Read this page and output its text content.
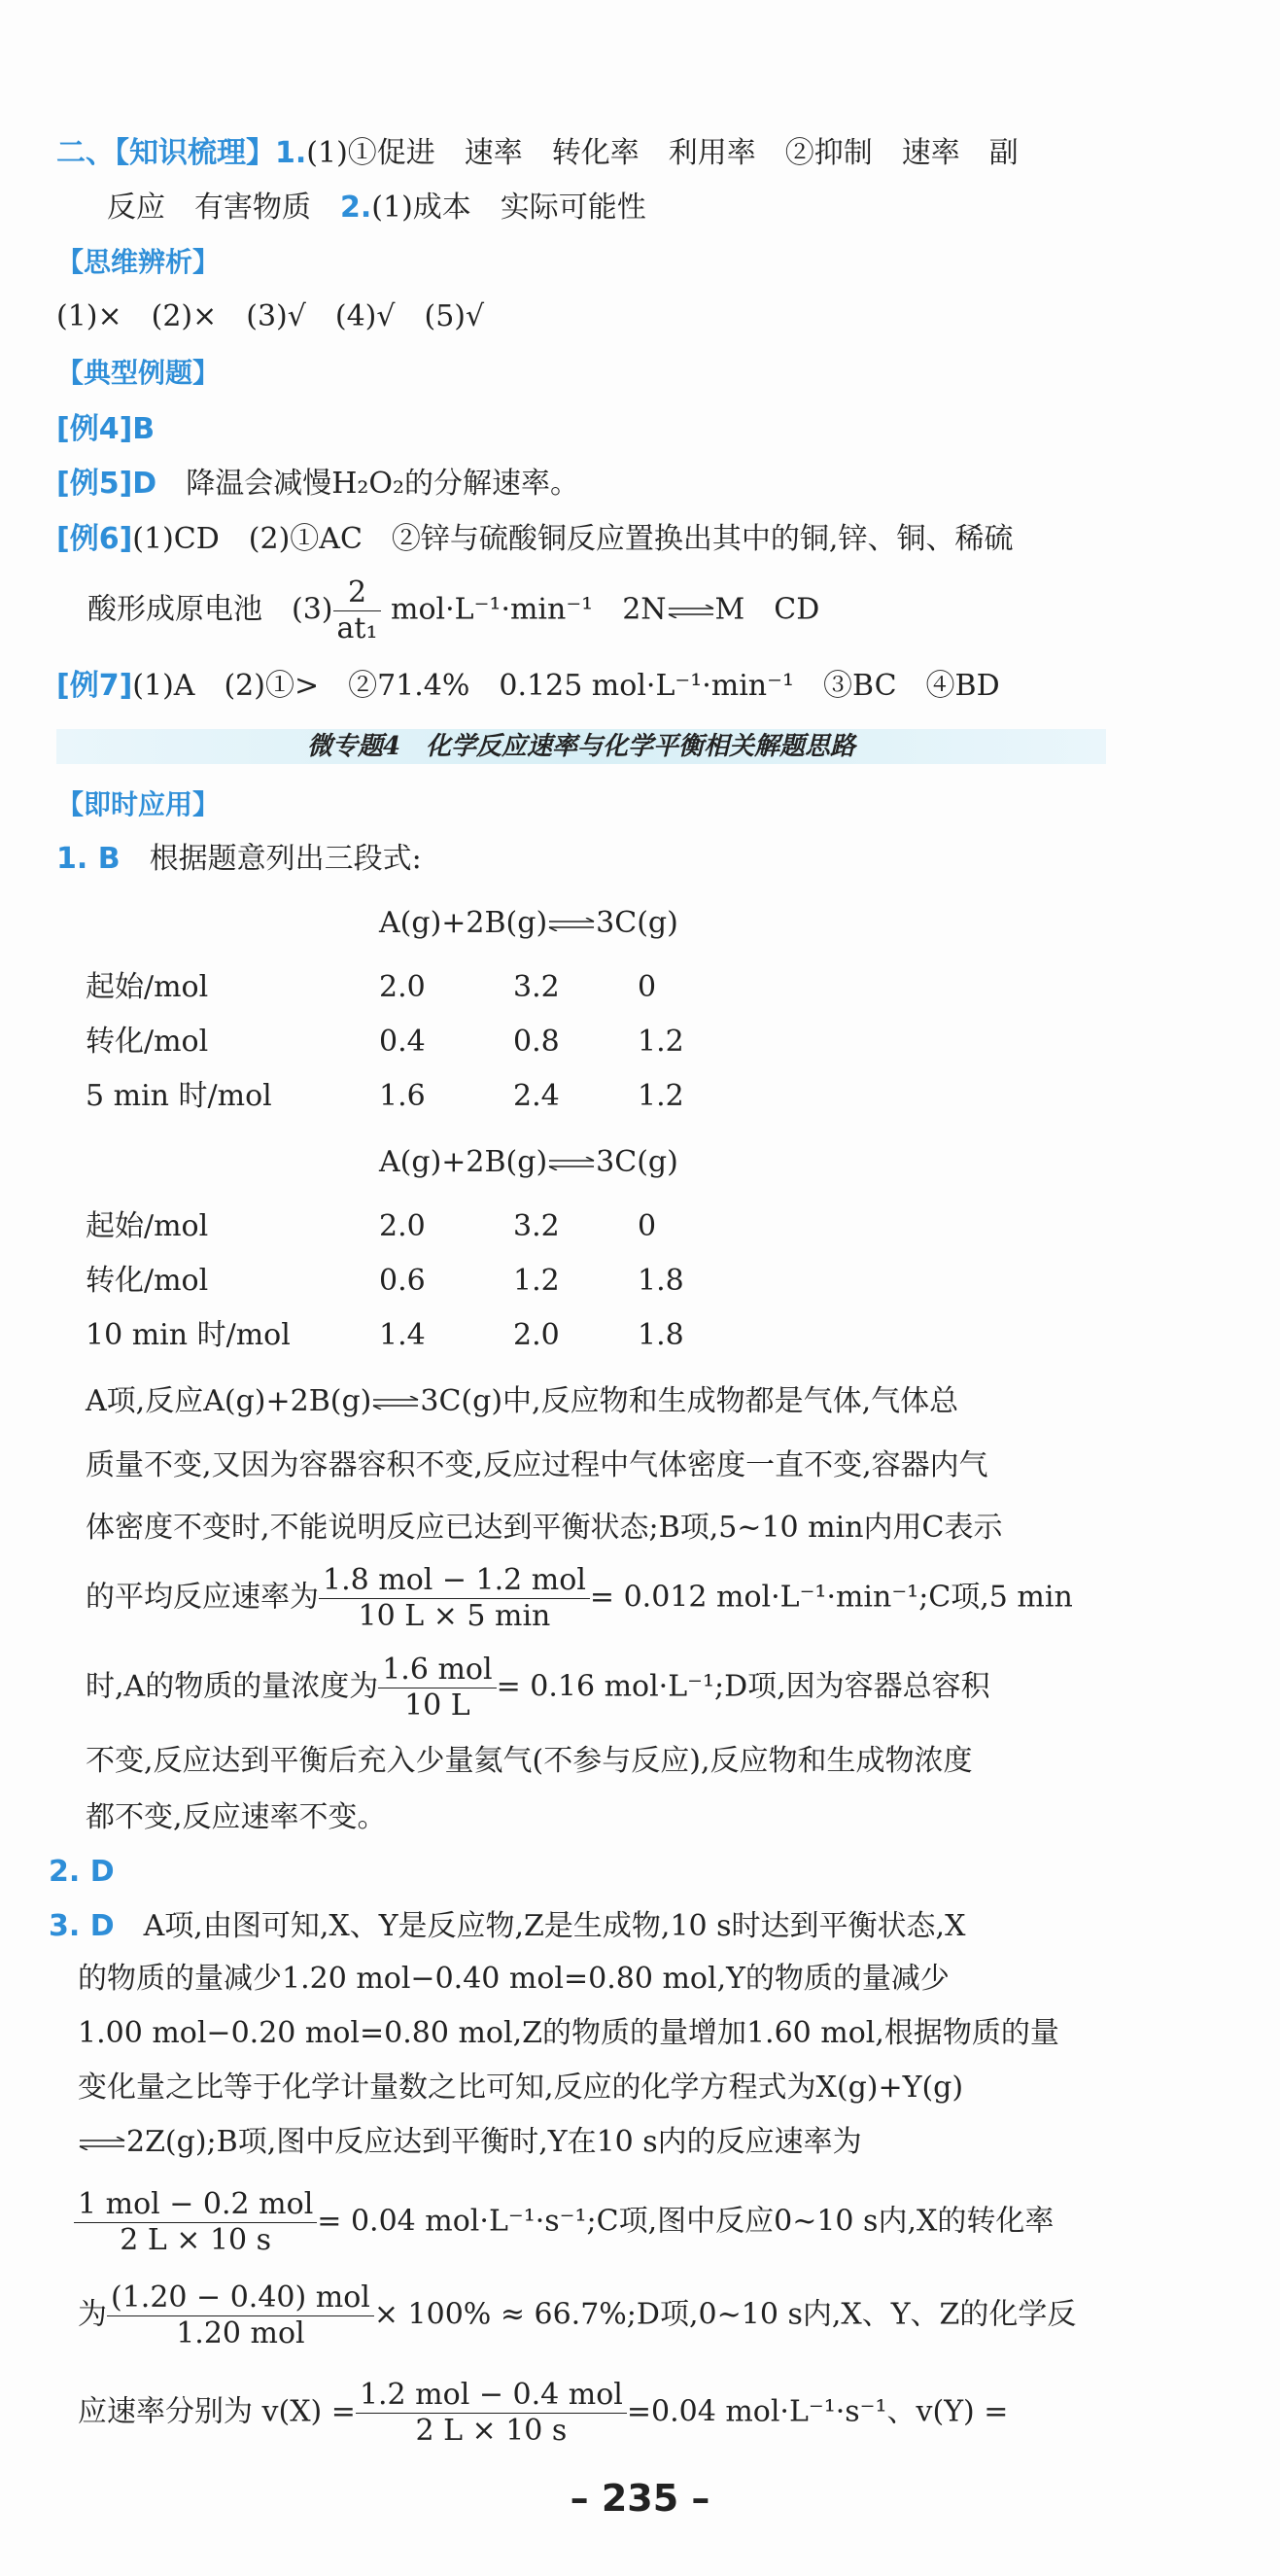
二、【知识梳理】1.(1)①促进　速率　转化率　利用率　②抑制　速率　副
反应　有害物质　 2.(1)成本　实际可能性
【思维辨析】
(1)×　(2)×　(3)√　(4)√　(5)√
【典型例题】
[例4]B
[例5]D　 降温会减慢H₂O₂的分解速率。
[例6](1)CD　(2)①AC　②锌与硫酸铜反应置换出其中的铜,锌、铜、稀硫
酸形成原电池　$(3) \frac{2}{\text{at₁}} mol\cdot L^{-1}\cdot\min^{-1}$　 2N⇌M　 CD
[例7](1)A　(2)①>　②71.4%　0.125 mol·L⁻¹·min⁻¹　③BC　④BD
微专题4　化学反应速率与化学平衡相关解题思路
【即时应用】
1. B　 根据题意列出三段式:
A(g)+2B(g)⇌3C(g)
起始/mol	2.0	3.2	0
转化/mol	0.4	0.8	1.2
5 min 时/mol	1.6	2.4	1.2
A(g)+2B(g)⇌3C(g)
起始/mol	2.0	3.2	0
转化/mol	0.6	1.2	1.8
10 min 时/mol	1.4	2.0	1.8
A项,反应A(g)+2B(g)⇌3C(g)中,反应物和生成物都是气体,气体总
质量不变,又因为容器容积不变,反应过程中气体密度一直不变,容器内气
体密度不变时,不能说明反应已达到平衡状态;B项,5~10 min内用C表示
的平均反应速率为 $\frac{\text{1.8 mol − 1.2 mol}}{10 L \times 5 \min} = 0.012$ mol·L⁻¹·min⁻¹;C项,5 min
时,A的物质的量浓度为 $\frac{\text{1.6 mol}}{10 L} = 0.16$ mol·L⁻¹;D项,因为容器总容积
不变,反应达到平衡后充入少量氦气(不参与反应),反应物和生成物浓度
都不变,反应速率不变。
2. D
3. D　 A项,由图可知,X、Y是反应物,Z是生成物,10 s时达到平衡状态,X
的物质的量减少1.20 mol−0.40 mol=0.80 mol,Y的物质的量减少
1.00 mol−0.20 mol=0.80 mol,Z的物质的量增加1.60 mol,根据物质的量
变化量之比等于化学计量数之比可知,反应的化学方程式为X(g)+Y(g)
⇌2Z(g);B项,图中反应达到平衡时,Y在10 s内的反应速率为
$\frac{\text{1 mol − 0.2 mol}}{2 L \times 10 s} = 0.04$ mol·L⁻¹·s⁻¹;C项,图中反应0~10 s内,X的转化率
为 $\frac{\text{(1.20 − 0.40) mol}}{\text{1.20 mol}} \times 100\%$ ≈ 66.7%;D项,0~10 s内,X、Y、Z的化学反
应速率分别为 $v(X) = \frac{\text{1.2 mol − 0.4 mol}}{2 L \times 10 s} =0.04$ mol·L⁻¹·s⁻¹、v(Y) =
– 235 –
